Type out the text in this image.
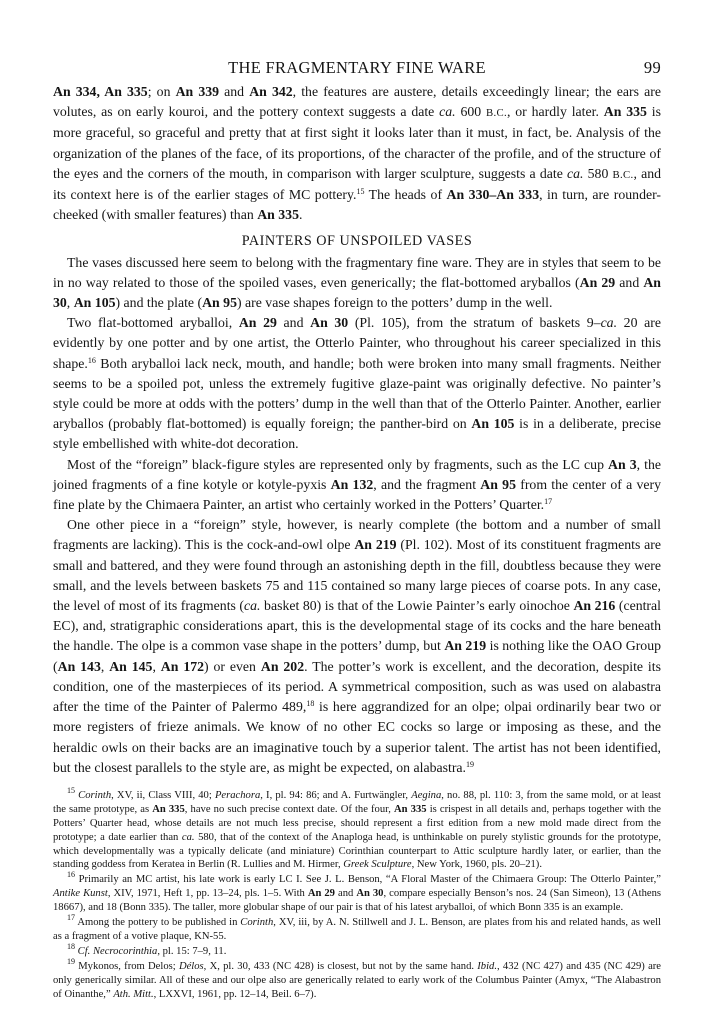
THE FRAGMENTARY FINE WARE	99

An 334, An 335; on An 339 and An 342, the features are austere, details exceedingly linear; the ears are volutes, as on early kouroi, and the pottery context suggests a date ca. 600 B.C., or hardly later. An 335 is more graceful, so graceful and pretty that at first sight it looks later than it must, in fact, be. Analysis of the organization of the planes of the face, of its proportions, of the character of the profile, and of the structure of the eyes and the corners of the mouth, in comparison with larger sculpture, suggests a date ca. 580 B.C., and its context here is of the earlier stages of MC pottery.$^{15}$ The heads of An 330–An 333, in turn, are rounder-cheeked (with smaller features) than An 335.

PAINTERS OF UNSPOILED VASES

The vases discussed here seem to belong with the fragmentary fine ware. They are in styles that seem to be in no way related to those of the spoiled vases, even generically; the flat-bottomed aryballos (An 29 and An 30, An 105) and the plate (An 95) are vase shapes foreign to the potters’ dump in the well.

Two flat-bottomed aryballoi, An 29 and An 30 (Pl. 105), from the stratum of baskets 9–ca. 20 are evidently by one potter and by one artist, the Otterlo Painter, who throughout his career specialized in this shape.$^{16}$ Both aryballoi lack neck, mouth, and handle; both were broken into many small fragments. Neither seems to be a spoiled pot, unless the extremely fugitive glaze-paint was originally defective. No painter’s style could be more at odds with the potters’ dump in the well than that of the Otterlo Painter. Another, earlier aryballos (probably flat-bottomed) is equally foreign; the panther-bird on An 105 is in a deliberate, precise style embellished with white-dot decoration.

Most of the “foreign” black-figure styles are represented only by fragments, such as the LC cup An 3, the joined fragments of a fine kotyle or kotyle-pyxis An 132, and the fragment An 95 from the center of a very fine plate by the Chimaera Painter, an artist who certainly worked in the Potters’ Quarter.$^{17}$

One other piece in a “foreign” style, however, is nearly complete (the bottom and a number of small fragments are lacking). This is the cock-and-owl olpe An 219 (Pl. 102). Most of its constituent fragments are small and battered, and they were found through an astonishing depth in the fill, doubtless because they were small, and the levels between baskets 75 and 115 contained so many large pieces of coarse pots. In any case, the level of most of its fragments (ca. basket 80) is that of the Lowie Painter’s early oinochoe An 216 (central EC), and, stratigraphic considerations apart, this is the developmental stage of its cocks and the hare beneath the handle. The olpe is a common vase shape in the potters’ dump, but An 219 is nothing like the OAO Group (An 143, An 145, An 172) or even An 202. The potter’s work is excellent, and the decoration, despite its condition, one of the masterpieces of its period. A symmetrical composition, such as was used on alabastra after the time of the Painter of Palermo 489,18 is here aggrandized for an olpe; olpai ordinarily bear two or more registers of frieze animals. We know of no other EC cocks so large or imposing as these, and the heraldic owls on their backs are an imaginative touch by a superior talent. The artist has not been identified, but the closest parallels to the style are, as might be expected, on alabastra.$^{19}$

$^{15}$ Corinth, XV, ii, Class VIII, 40; Perachora, I, pl. 94: 86; and A. Furtwängler, Aegina, no. 88, pl. 110: 3, from the same mold, or at least the same prototype, as An 335, have no such precise context date. Of the four, An 335 is crispest in all details and, perhaps together with the Potters’ Quarter head, whose details are not much less precise, should represent a first edition from a new mold made direct from the prototype; a date earlier than ca. 580, that of the context of the Anaploga head, is unthinkable on purely stylistic grounds for the prototype, which developmentally was a typically delicate (and miniature) Corinthian counterpart to Attic sculpture hardly later, or earlier, than the standing goddess from Keratea in Berlin (R. Lullies and M. Hirmer, Greek Sculpture, New York, 1960, pls. 20–21).

$^{16}$ Primarily an MC artist, his late work is early LC I. See J. L. Benson, “A Floral Master of the Chimaera Group: The Otterlo Painter,” Antike Kunst, XIV, 1971, Heft 1, pp. 13–24, pls. 1–5. With An 29 and An 30, compare especially Benson’s nos. 24 (San Simeon), 13 (Athens 18667), and 18 (Bonn 335). The taller, more globular shape of our pair is that of his latest aryballoi, of which Bonn 335 is an example.

$^{17}$ Among the pottery to be published in Corinth, XV, iii, by A. N. Stillwell and J. L. Benson, are plates from his and related hands, as well as a fragment of a votive plaque, KN-55.

$^{18}$ Cf. Necrocorinthia, pl. 15: 7–9, 11.

$^{19}$ Mykonos, from Delos; Délos, X, pl. 30, 433 (NC 428) is closest, but not by the same hand. Ibid., 432 (NC 427) and 435 (NC 429) are only generically similar. All of these and our olpe also are generically related to early work of the Columbus Painter (Amyx, “The Alabastron of Oinanthe,” Ath. Mitt., LXXVI, 1961, pp. 12–14, Beil. 6–7).
